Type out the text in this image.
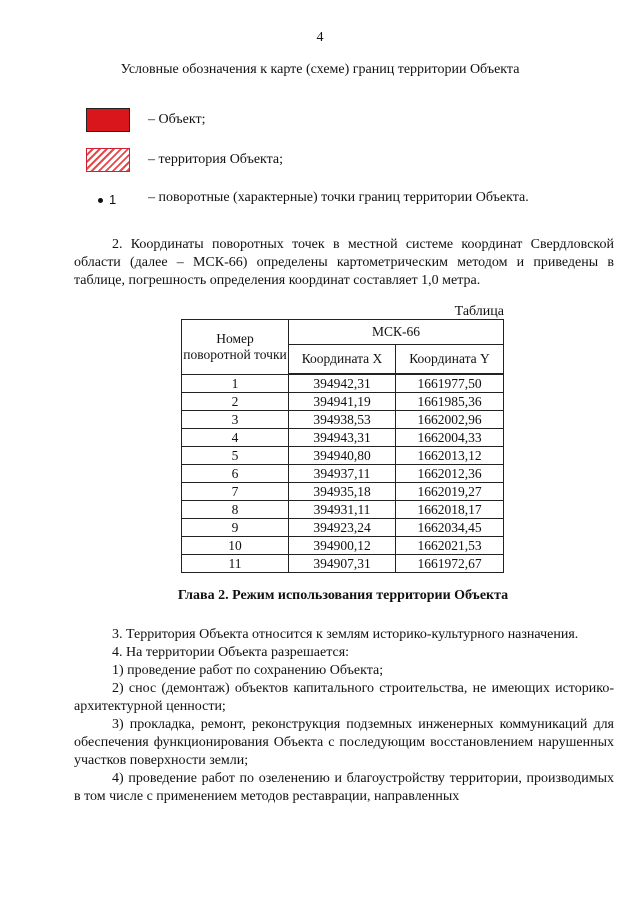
4
Условные обозначения к карте (схеме) границ территории Объекта
– Объект;
– территория Объекта;
1 – поворотные (характерные) точки границ территории Объекта.
2. Координаты поворотных точек в местной системе координат Свердловской области (далее – МСК-66) определены картометрическим методом и приведены в таблице, погрешность определения координат составляет 1,0 метра.
Таблица
Номер поворотной точки	МСК-66	
	Координата X	Координата Y
1	394942,31	1661977,50
2	394941,19	1661985,36
3	394938,53	1662002,96
4	394943,31	1662004,33
5	394940,80	1662013,12
6	394937,11	1662012,36
7	394935,18	1662019,27
8	394931,11	1662018,17
9	394923,24	1662034,45
10	394900,12	1662021,53
11	394907,31	1661972,67
Глава 2. Режим использования территории Объекта

3. Территория Объекта относится к землям историко-культурного назначения.

4. На территории Объекта разрешается:

1) проведение работ по сохранению Объекта;

2) снос (демонтаж) объектов капитального строительства, не имеющих историко-архитектурной ценности;

3) прокладка, ремонт, реконструкция подземных инженерных коммуникаций для обеспечения функционирования Объекта с последующим восстановлением нарушенных участков поверхности земли;

4) проведение работ по озеленению и благоустройству территории, производимых в том числе с применением методов реставрации, направленных
